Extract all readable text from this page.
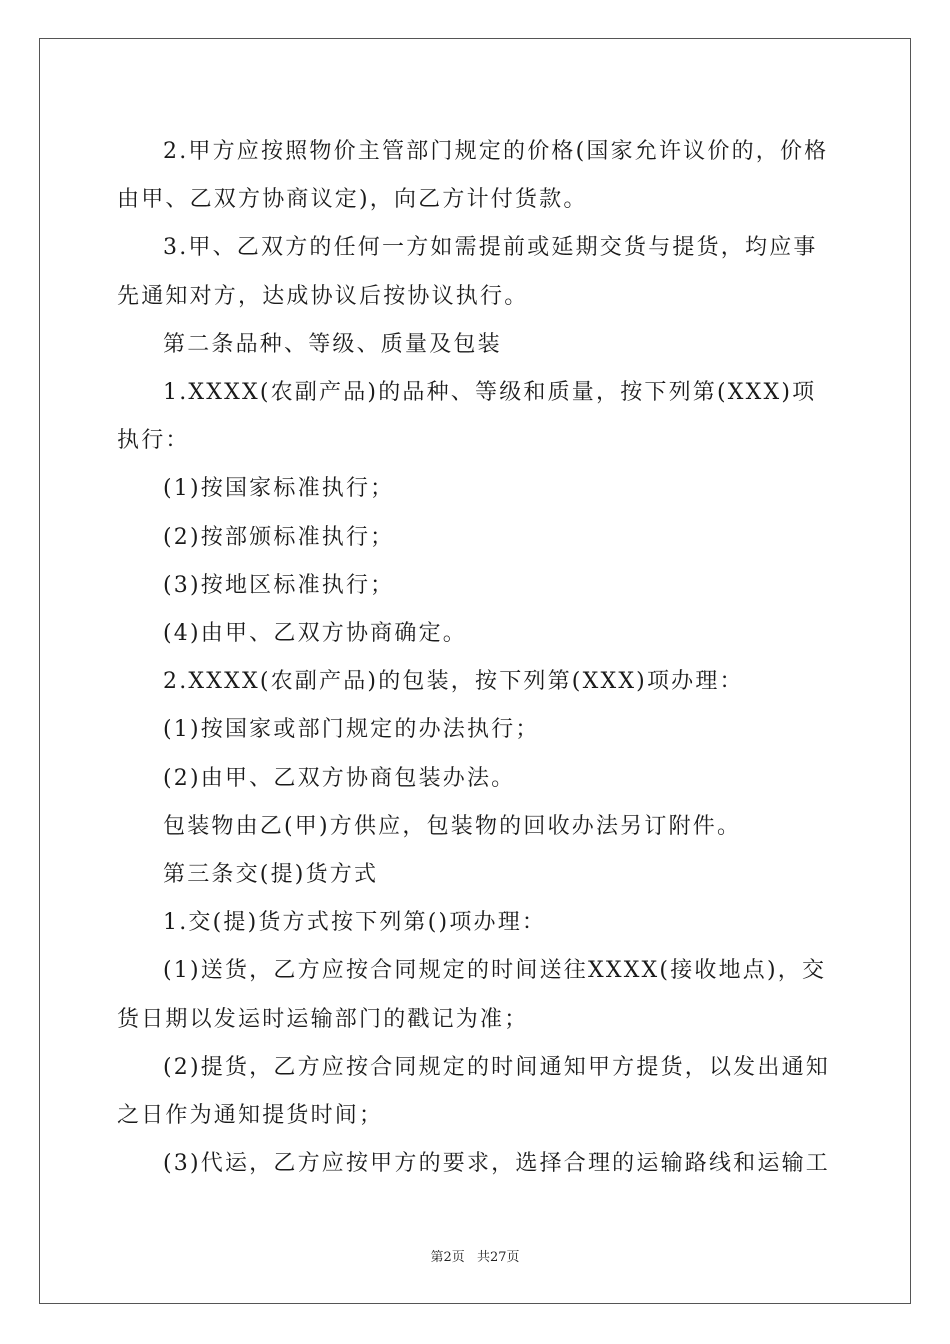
2.甲方应按照物价主管部门规定的价格(国家允许议价的，价格由甲、乙双方协商议定)，向乙方计付货款。

3.甲、乙双方的任何一方如需提前或延期交货与提货，均应事先通知对方，达成协议后按协议执行。

第二条品种、等级、质量及包装

1.XXXX(农副产品)的品种、等级和质量，按下列第(XXX)项执行：

(1)按国家标准执行；

(2)按部颁标准执行；

(3)按地区标准执行；

(4)由甲、乙双方协商确定。

2.XXXX(农副产品)的包装，按下列第(XXX)项办理：

(1)按国家或部门规定的办法执行；

(2)由甲、乙双方协商包装办法。

包装物由乙(甲)方供应，包装物的回收办法另订附件。

第三条交(提)货方式

1.交(提)货方式按下列第()项办理：

(1)送货，乙方应按合同规定的时间送往XXXX(接收地点)，交货日期以发运时运输部门的戳记为准；

(2)提货，乙方应按合同规定的时间通知甲方提货，以发出通知之日作为通知提货时间；

(3)代运，乙方应按甲方的要求，选择合理的运输路线和运输工

第2页 共27页
